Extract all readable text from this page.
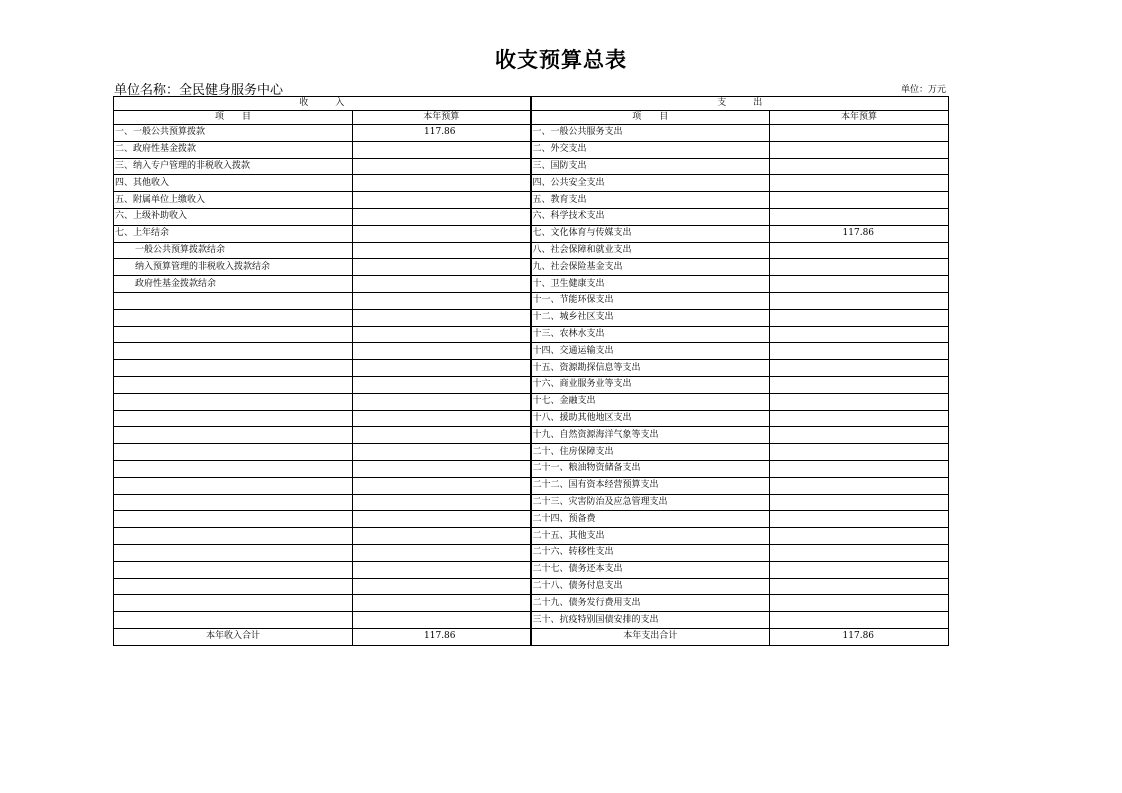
收支预算总表
单位名称：全民健身服务中心	单位：万元
收　　　入		支　　　出	
项　　目	本年预算	项　　目	本年预算
一、一般公共预算拨款	117.86	一、一般公共服务支出	
二、政府性基金拨款		二、外交支出	
三、纳入专户管理的非税收入拨款		三、国防支出	
四、其他收入		四、公共安全支出	
五、附属单位上缴收入		五、教育支出	
六、上级补助收入		六、科学技术支出	
七、上年结余		七、文化体育与传媒支出	117.86
一般公共预算拨款结余		八、社会保障和就业支出	
纳入预算管理的非税收入拨款结余		九、社会保险基金支出	
政府性基金拨款结余		十、卫生健康支出	
		十一、节能环保支出	
		十二、城乡社区支出	
		十三、农林水支出	
		十四、交通运输支出	
		十五、资源勘探信息等支出	
		十六、商业服务业等支出	
		十七、金融支出	
		十八、援助其他地区支出	
		十九、自然资源海洋气象等支出	
		二十、住房保障支出	
		二十一、粮油物资储备支出	
		二十二、国有资本经营预算支出	
		二十三、灾害防治及应急管理支出	
		二十四、预备费	
		二十五、其他支出	
		二十六、转移性支出	
		二十七、债务还本支出	
		二十八、债务付息支出	
		二十九、债务发行费用支出	
		三十、抗疫特别国债安排的支出	
本年收入合计	117.86	本年支出合计	117.86
